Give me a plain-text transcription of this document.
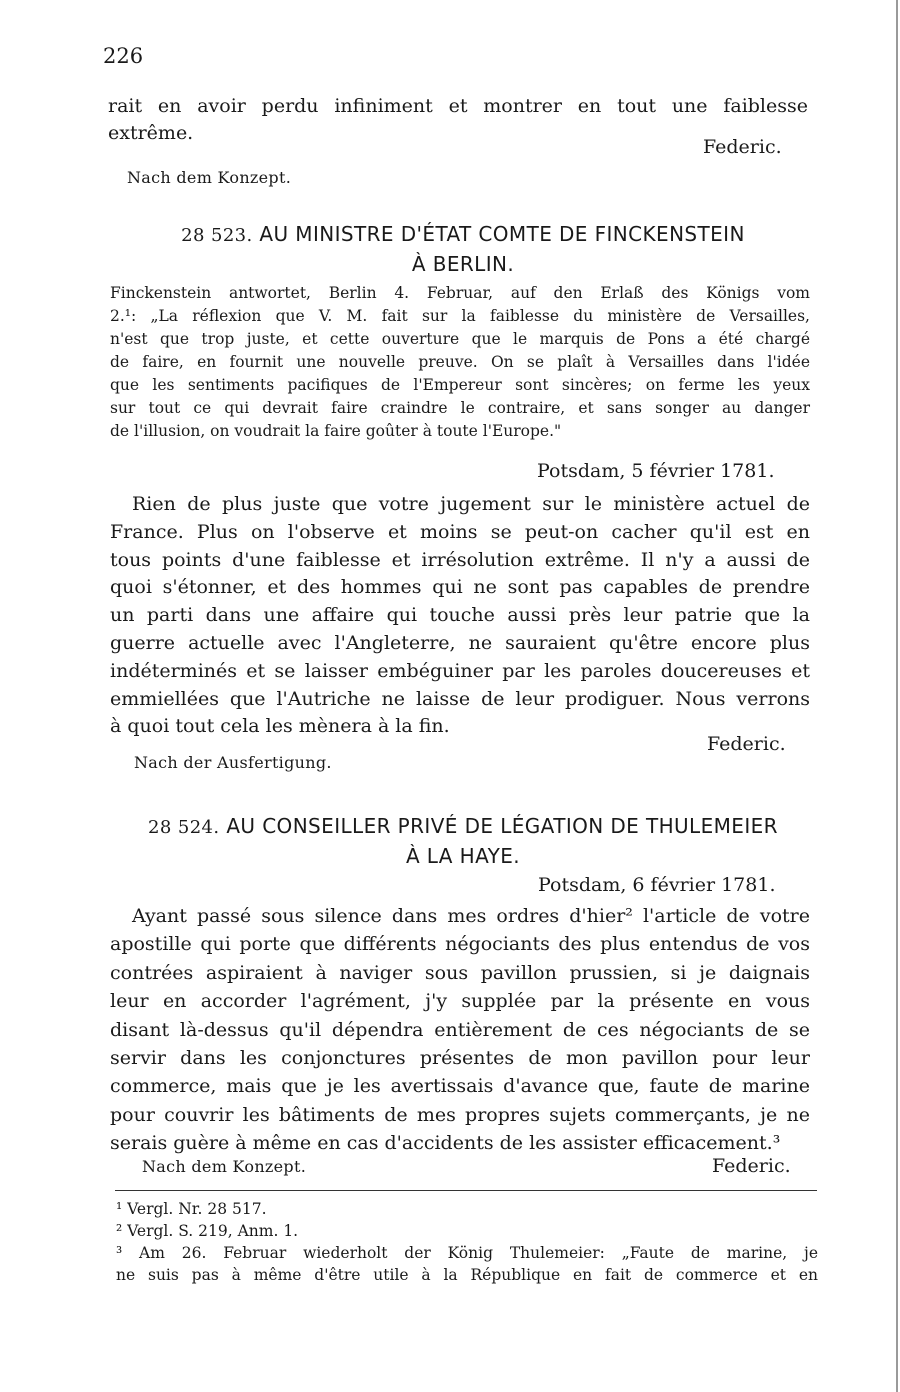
226
rait en avoir perdu infiniment et montrer en tout une faiblesse
extrême.
Federic.
Nach dem Konzept.
28 523. AU MINISTRE D'ÉTAT COMTE DE FINCKENSTEIN
À BERLIN.
Finckenstein antwortet, Berlin 4. Februar, auf den Erlaß des Königs vom
2.¹: „La réflexion que V. M. fait sur la faiblesse du ministère de Versailles,
n'est que trop juste, et cette ouverture que le marquis de Pons a été chargé
de faire, en fournit une nouvelle preuve. On se plaît à Versailles dans l'idée
que les sentiments pacifiques de l'Empereur sont sincères; on ferme les yeux
sur tout ce qui devrait faire craindre le contraire, et sans songer au danger
de l'illusion, on voudrait la faire goûter à toute l'Europe."
Potsdam, 5 février 1781.
Rien de plus juste que votre jugement sur le ministère actuel de
France. Plus on l'observe et moins se peut-on cacher qu'il est en
tous points d'une faiblesse et irrésolution extrême. Il n'y a aussi de
quoi s'étonner, et des hommes qui ne sont pas capables de prendre
un parti dans une affaire qui touche aussi près leur patrie que la
guerre actuelle avec l'Angleterre, ne sauraient qu'être encore plus
indéterminés et se laisser embéguiner par les paroles doucereuses et
emmiellées que l'Autriche ne laisse de leur prodiguer. Nous verrons
à quoi tout cela les mènera à la fin.
Federic.
Nach der Ausfertigung.
28 524. AU CONSEILLER PRIVÉ DE LÉGATION DE THULEMEIER
À LA HAYE.
Potsdam, 6 février 1781.
Ayant passé sous silence dans mes ordres d'hier² l'article de votre
apostille qui porte que différents négociants des plus entendus de vos
contrées aspiraient à naviger sous pavillon prussien, si je daignais
leur en accorder l'agrément, j'y supplée par la présente en vous
disant là-dessus qu'il dépendra entièrement de ces négociants de se
servir dans les conjonctures présentes de mon pavillon pour leur
commerce, mais que je les avertissais d'avance que, faute de marine
pour couvrir les bâtiments de mes propres sujets commerçants, je ne
serais guère à même en cas d'accidents de les assister efficacement.³
Nach dem Konzept.	Federic.
¹ Vergl. Nr. 28 517.
² Vergl. S. 219, Anm. 1.
³ Am 26. Februar wiederholt der König Thulemeier: „Faute de marine, je
ne suis pas à même d'être utile à la République en fait de commerce et en
